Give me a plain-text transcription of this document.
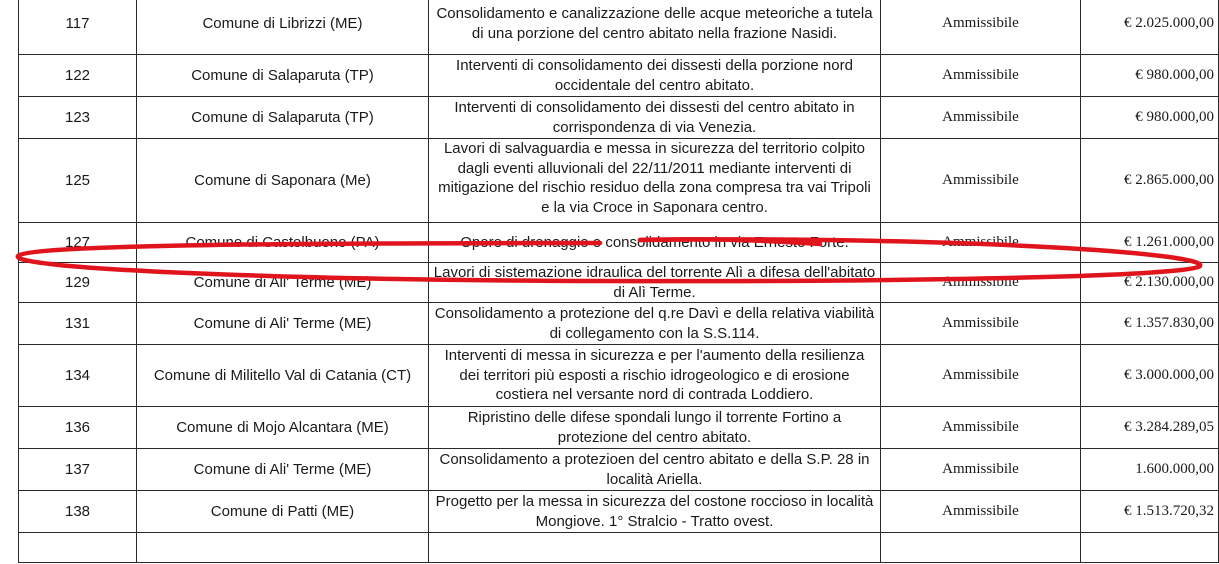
117	Comune di Librizzi (ME)	Consolidamento e canalizzazione delle acque meteoriche a tutela di una porzione del centro abitato nella frazione Nasidi.	Ammissibile	€ 2.025.000,00
122	Comune di Salaparuta (TP)	Interventi di consolidamento dei dissesti della porzione nord occidentale del centro abitato.	Ammissibile	€ 980.000,00
123	Comune di Salaparuta (TP)	Interventi di consolidamento dei dissesti del centro abitato in corrispondenza di via Venezia.	Ammissibile	€ 980.000,00
125	Comune di Saponara (Me)	Lavori di salvaguardia e messa in sicurezza del territorio colpito dagli eventi alluvionali del 22/11/2011 mediante interventi di mitigazione del rischio residuo della zona compresa tra vai Tripoli e la via Croce in Saponara centro.	Ammissibile	€ 2.865.000,00
127	Comune di Castelbuono (PA)	Opere di drenaggio e consolidamento in via Ernesto Forte.	Ammissibile	€ 1.261.000,00
129	Comune di Ali' Terme (ME)	Lavori di sistemazione idraulica del torrente Alì a difesa dell'abitato di Alì Terme.	Ammissibile	€ 2.130.000,00
131	Comune di Ali' Terme (ME)	Consolidamento a protezione del q.re Davì e della relativa viabilità di collegamento con la S.S.114.	Ammissibile	€ 1.357.830,00
134	Comune di Militello Val di Catania (CT)	Interventi di messa in sicurezza e per l'aumento della resilienza dei territori più esposti a rischio idrogeologico e di erosione costiera nel versante nord di contrada Loddiero.	Ammissibile	€ 3.000.000,00
136	Comune di Mojo Alcantara (ME)	Ripristino delle difese spondali lungo il torrente Fortino a protezione del centro abitato.	Ammissibile	€ 3.284.289,05
137	Comune di Ali' Terme (ME)	Consolidamento a protezioen del centro abitato e della S.P. 28 in località Ariella.	Ammissibile	1.600.000,00
138	Comune di Patti (ME)	Progetto per la messa in sicurezza del costone roccioso in località Mongiove. 1° Stralcio - Tratto ovest.	Ammissibile	€ 1.513.720,32
